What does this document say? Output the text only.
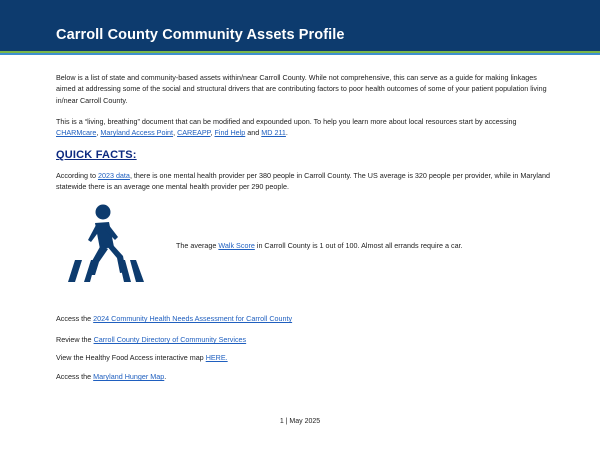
Carroll County Community Assets Profile
Below is a list of state and community-based assets within/near Carroll County. While not comprehensive, this can serve as a guide for making linkages aimed at addressing some of the social and structural drivers that are contributing factors to poor health outcomes of some of your patient population living in/near Carroll County.
This is a “living, breathing” document that can be modified and expounded upon. To help you learn more about local resources start by accessing CHARMcare, Maryland Access Point, CAREAPP, Find Help and MD 211.
QUICK FACTS:
According to 2023 data, there is one mental health provider per 380 people in Carroll County. The US average is 320 people per provider, while in Maryland statewide there is an average one mental health provider per 290 people.
The average Walk Score in Carroll County is 1 out of 100. Almost all errands require a car.
Access the 2024 Community Health Needs Assessment for Carroll County
Review the Carroll County Directory of Community Services
View the Healthy Food Access interactive map HERE.
Access the Maryland Hunger Map.
1 | May 2025
